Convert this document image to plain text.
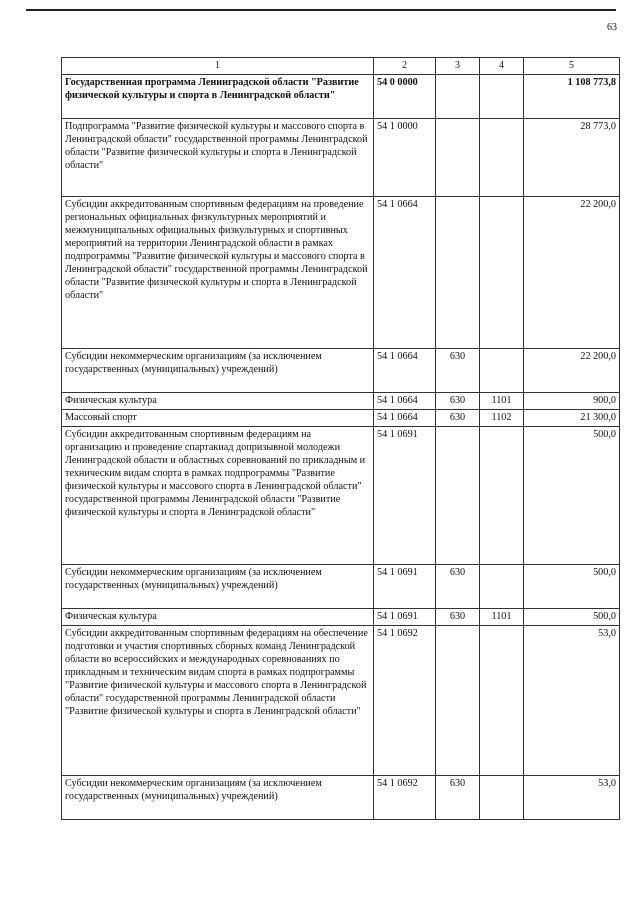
63
1	2	3	4	5
Государственная программа Ленинградской области "Развитие физической культуры и спорта в Ленинградской области"	54 0 0000			1 108 773,8
Подпрограмма "Развитие физической культуры и массового спорта в Ленинградской области" государственной программы Ленинградской области "Развитие физической культуры и спорта в Ленинградской области"	54 1 0000			28 773,0
Субсидии аккредитованным спортивным федерациям на проведение региональных официальных физкультурных мероприятий и межмуниципальных официальных физкультурных и спортивных мероприятий на территории Ленинградской области в рамках подпрограммы "Развитие физической культуры и массового спорта в Ленинградской области" государственной программы Ленинградской области "Развитие физической культуры и спорта в Ленинградской области"	54 1 0664			22 200,0
Субсидии некоммерческим организациям (за исключением государственных (муниципальных) учреждений)	54 1 0664	630		22 200,0
Физическая культура	54 1 0664	630	1101	900,0
Массовый спорт	54 1 0664	630	1102	21 300,0
Субсидии аккредитованным спортивным федерациям на организацию и проведение спартакиад допризывной молодежи Ленинградской области и областных соревнований по прикладным и техническим видам спорта в рамках подпрограммы "Развитие физической культуры и массового спорта в Ленинградской области" государственной программы Ленинградской области "Развитие физической культуры и спорта в Ленинградской области"	54 1 0691			500,0
Субсидии некоммерческим организациям (за исключением государственных (муниципальных) учреждений)	54 1 0691	630		500,0
Физическая культура	54 1 0691	630	1101	500,0
Субсидии аккредитованным спортивным федерациям на обеспечение подготовки и участия спортивных сборных команд Ленинградской области во всероссийских и международных соревнованиях по прикладным и техническим видам спорта в рамках подпрограммы "Развитие физической культуры и массового спорта в Ленинградской области" государственной программы Ленинградской области "Развитие физической культуры и спорта в Ленинградской области"	54 1 0692			53,0
Субсидии некоммерческим организациям (за исключением государственных (муниципальных) учреждений)	54 1 0692	630		53,0
